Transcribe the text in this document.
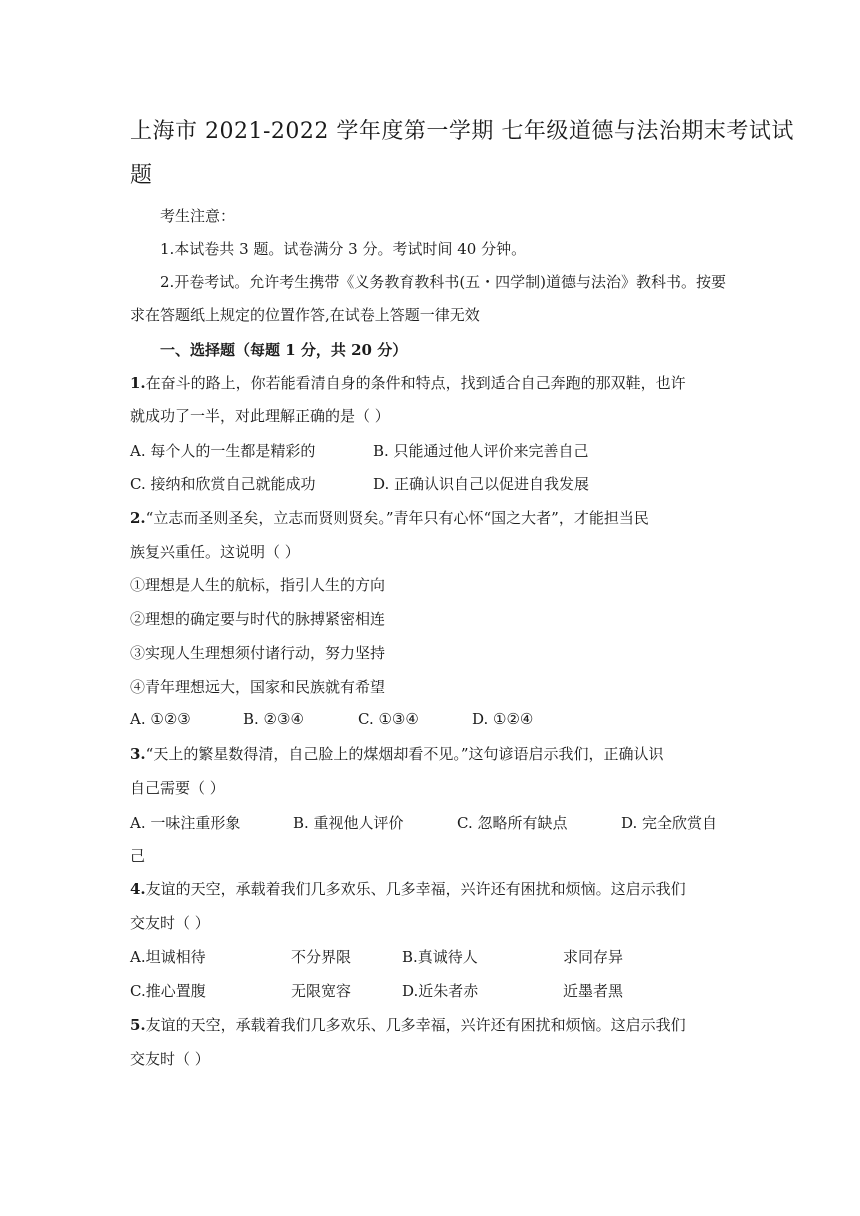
上海市 2021-2022 学年度第一学期 七年级道德与法治期末考试试
题
考生注意：
1.本试卷共 3 题。试卷满分 3 分。考试时间 40 分钟。
2.开卷考试。允许考生携带《义务教育教科书(五・四学制)道德与法治》教科书。按要
求在答题纸上规定的位置作答,在试卷上答题一律无效
一、选择题（每题 1 分，共 20 分）
1.在奋斗的路上，你若能看清自身的条件和特点，找到适合自己奔跑的那双鞋，也许
就成功了一半，对此理解正确的是（ ）
A. 每个人的一生都是精彩的	B. 只能通过他人评价来完善自己
C. 接纳和欣赏自己就能成功	D. 正确认识自己以促进自我发展
2.“立志而圣则圣矣，立志而贤则贤矣。”青年只有心怀“国之大者”，才能担当民
族复兴重任。这说明（ ）
①理想是人生的航标，指引人生的方向
②理想的确定要与时代的脉搏紧密相连
③实现人生理想须付诸行动，努力坚持
④青年理想远大，国家和民族就有希望
A. ①②③	B. ②③④	C. ①③④	D. ①②④
3.“天上的繁星数得清，自己脸上的煤烟却看不见。”这句谚语启示我们，正确认识
自己需要（ ）
A. 一味注重形象	B. 重视他人评价	C. 忽略所有缺点	D. 完全欣赏自
己
4.友谊的天空，承载着我们几多欢乐、几多幸福，兴许还有困扰和烦恼。这启示我们
交友时（ ）
A.坦诚相待	不分界限	B.真诚待人	求同存异
C.推心置腹	无限宽容	D.近朱者赤	近墨者黑
5.友谊的天空，承载着我们几多欢乐、几多幸福，兴许还有困扰和烦恼。这启示我们
交友时（ ）
